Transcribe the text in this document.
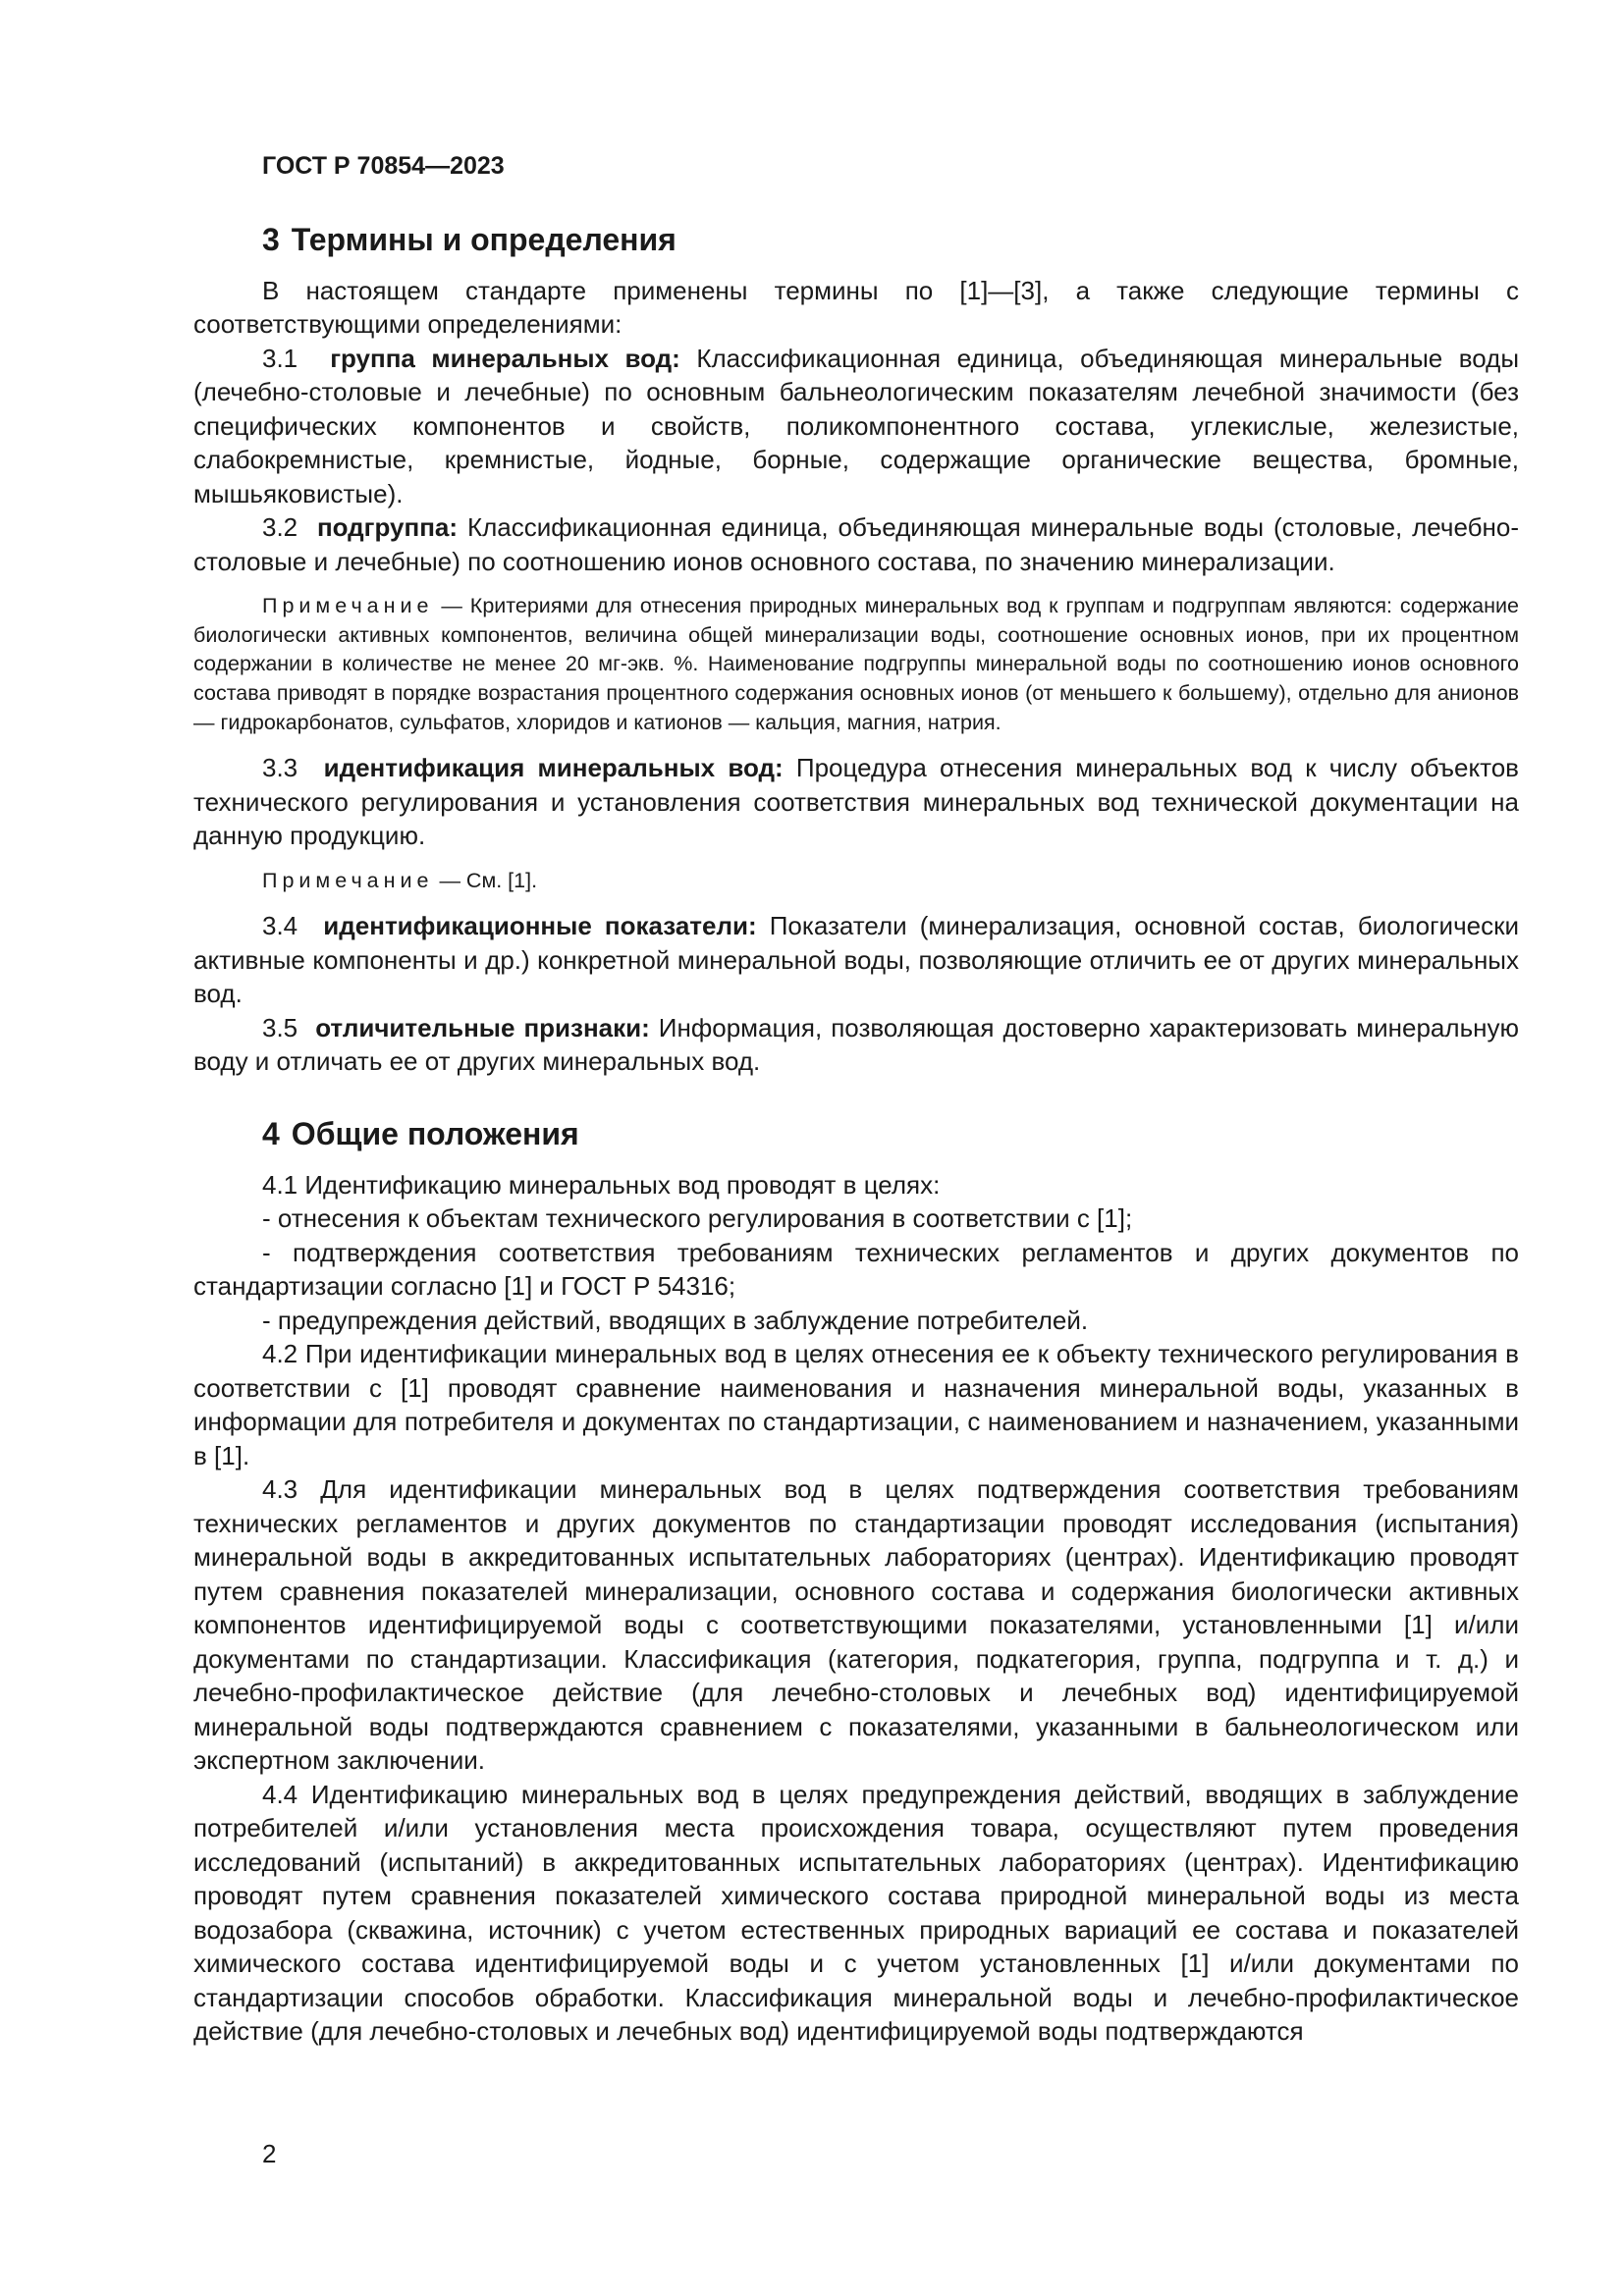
ГОСТ Р 70854—2023

3 Термины и определения

В настоящем стандарте применены термины по [1]—[3], а также следующие термины с соответствующими определениями:

3.1 группа минеральных вод: Классификационная единица, объединяющая минеральные воды (лечебно-столовые и лечебные) по основным бальнеологическим показателям лечебной значимости (без специфических компонентов и свойств, поликомпонентного состава, углекислые, железистые, слабокремнистые, кремнистые, йодные, борные, содержащие органические вещества, бромные, мышьяковистые).

3.2 подгруппа: Классификационная единица, объединяющая минеральные воды (столовые, лечебно-столовые и лечебные) по соотношению ионов основного состава, по значению минерализации.

Примечание — Критериями для отнесения природных минеральных вод к группам и подгруппам являются: содержание биологически активных компонентов, величина общей минерализации воды, соотношение основных ионов, при их процентном содержании в количестве не менее 20 мг-экв. %. Наименование подгруппы минеральной воды по соотношению ионов основного состава приводят в порядке возрастания процентного содержания основных ионов (от меньшего к большему), отдельно для анионов — гидрокарбонатов, сульфатов, хлоридов и катионов — кальция, магния, натрия.

3.3 идентификация минеральных вод: Процедура отнесения минеральных вод к числу объектов технического регулирования и установления соответствия минеральных вод технической документации на данную продукцию.

Примечание — См. [1].

3.4 идентификационные показатели: Показатели (минерализация, основной состав, биологически активные компоненты и др.) конкретной минеральной воды, позволяющие отличить ее от других минеральных вод.

3.5 отличительные признаки: Информация, позволяющая достоверно характеризовать минеральную воду и отличать ее от других минеральных вод.

4 Общие положения

4.1 Идентификацию минеральных вод проводят в целях:

- отнесения к объектам технического регулирования в соответствии с [1];

- подтверждения соответствия требованиям технических регламентов и других документов по стандартизации согласно [1] и ГОСТ Р 54316;

- предупреждения действий, вводящих в заблуждение потребителей.

4.2 При идентификации минеральных вод в целях отнесения ее к объекту технического регулирования в соответствии с [1] проводят сравнение наименования и назначения минеральной воды, указанных в информации для потребителя и документах по стандартизации, с наименованием и назначением, указанными в [1].

4.3 Для идентификации минеральных вод в целях подтверждения соответствия требованиям технических регламентов и других документов по стандартизации проводят исследования (испытания) минеральной воды в аккредитованных испытательных лабораториях (центрах). Идентификацию проводят путем сравнения показателей минерализации, основного состава и содержания биологически активных компонентов идентифицируемой воды с соответствующими показателями, установленными [1] и/или документами по стандартизации. Классификация (категория, подкатегория, группа, подгруппа и т. д.) и лечебно-профилактическое действие (для лечебно-столовых и лечебных вод) идентифицируемой минеральной воды подтверждаются сравнением с показателями, указанными в бальнеологическом или экспертном заключении.

4.4 Идентификацию минеральных вод в целях предупреждения действий, вводящих в заблуждение потребителей и/или установления места происхождения товара, осуществляют путем проведения исследований (испытаний) в аккредитованных испытательных лабораториях (центрах). Идентификацию проводят путем сравнения показателей химического состава природной минеральной воды из места водозабора (скважина, источник) с учетом естественных природных вариаций ее состава и показателей химического состава идентифицируемой воды и с учетом установленных [1] и/или документами по стандартизации способов обработки. Классификация минеральной воды и лечебно-профилактическое действие (для лечебно-столовых и лечебных вод) идентифицируемой воды подтверждаются

2
